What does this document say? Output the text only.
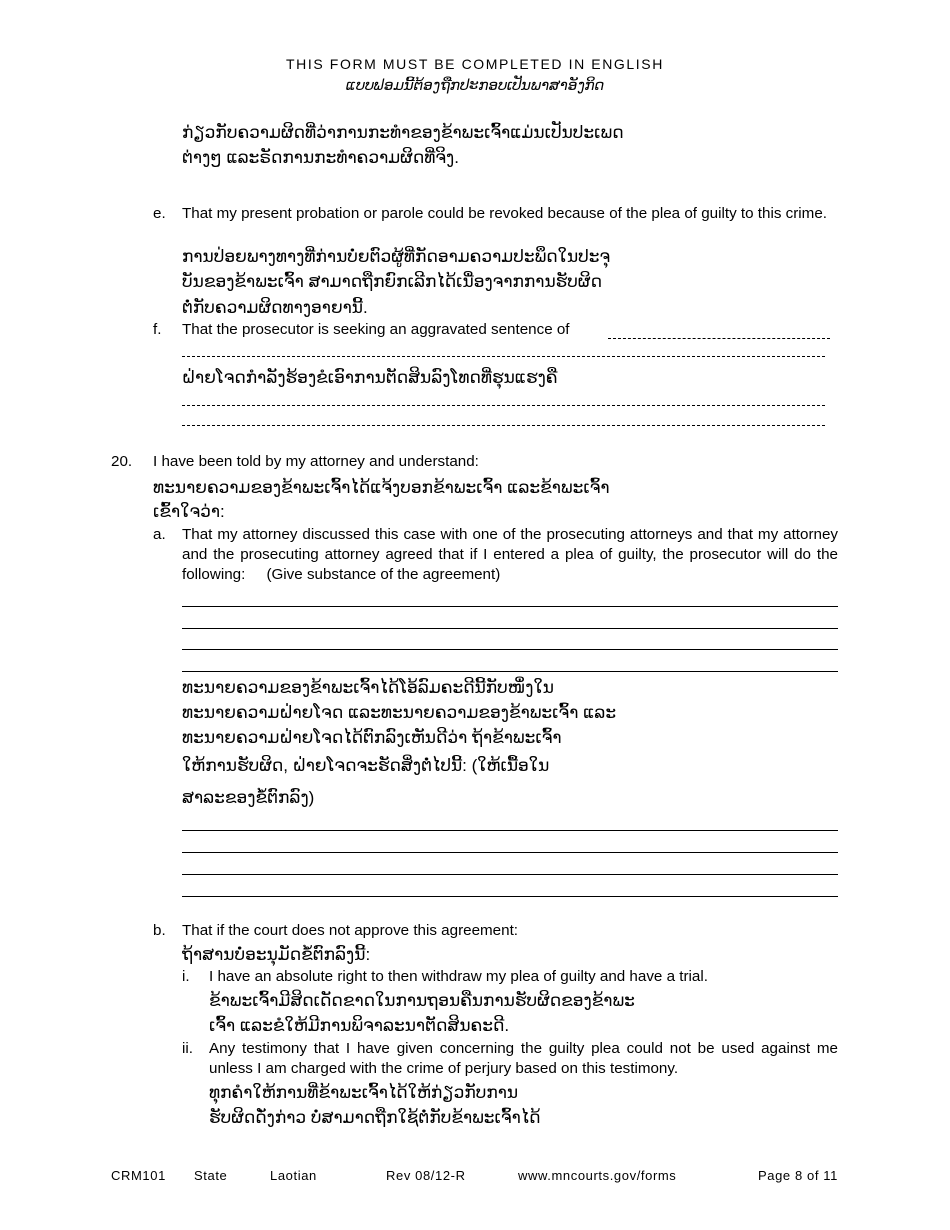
THIS FORM MUST BE COMPLETED IN ENGLISH
ແບບຟອມນີ້ຕ້ອງຖືກປະກອບເປັນພາສາອັງກິດ
ກ່ຽວກັບຄວາມຜິດທີ່ວ່າການກະທຳຂອງຂ້າພະເຈົ້າແມ່ນເປັນປະເພດ
ຕ່າງໆ ແລະຣັດການກະທຳຄວາມຜິດທີ່ຈິງ.
e. That my present probation or parole could be revoked because of the plea of guilty to this crime.
ການປ່ອຍພາງທາງທີ່ກ່ານບໍ່ຍຕົວຜູ້ທີ່ກັດອາມຄວາມປະພຶດໃນປະຈຸ
ບັນຂອງຂ້າພະເຈົ້າ ສາມາດຖືກຍົກເລີກໄດ້ເນື່ອງຈາກການຮັບຜິດ
ຕໍ່ກັບຄວາມຜິດທາງອາຍານີ້.
f. That the prosecutor is seeking an aggravated sentence of
ຝ່າຍໂຈດກໍາລັງຮ້ອງຂໍເອົາການຕັດສິນລົງໂທດທີ່ຮຸນແຮງຄື
20. I have been told by my attorney and understand:
ທະນາຍຄວາມຂອງຂ້າພະເຈົ້າໄດ້ແຈ້ງບອກຂ້າພະເຈົ້າ ແລະຂ້າພະເຈົ້າ
ເຂົ້າໃຈວ່າ:
a. That my attorney discussed this case with one of the prosecuting attorneys and that my attorney and the prosecuting attorney agreed that if I entered a plea of guilty, the prosecutor will do the following: (Give substance of the agreement)
ທະນາຍຄວາມຂອງຂ້າພະເຈົ້າໄດ້ໂອ້ລົມຄະດີນີ້ກັບໜຶ່ງໃນ
ທະນາຍຄວາມຝ່າຍໂຈດ ແລະທະນາຍຄວາມຂອງຂ້າພະເຈົ້າ ແລະ
ທະນາຍຄວາມຝ່າຍໂຈດໄດ້ຕົກລົງເຫັນດີວ່າ ຖ້າຂ້າພະເຈົ້າ
ໃຫ້ການຮັບຜິດ, ຝ່າຍໂຈດຈະຮັດສິ່ງຕໍ່ໄປນີ້: (ໃຫ້ເນື້ອໃນ
ສາລະຂອງຂໍ້ຕົກລົງ)
b. That if the court does not approve this agreement:
ຖ້າສານບໍ່ອະນຸມັດຂໍ້ຕົກລົງນີ້:
i. I have an absolute right to then withdraw my plea of guilty and have a trial.
ຂ້າພະເຈົ້າມີສິດເດັດຂາດໃນການຖອນຄືນການຮັບຜິດຂອງຂ້າພະ
ເຈົ້າ ແລະຂໍໃຫ້ມີການພິຈາລະນາຕັດສິນຄະດີ.
ii. Any testimony that I have given concerning the guilty plea could not be used against me unless I am charged with the crime of perjury based on this testimony.
ທຸກຄໍາໃຫ້ການທີ່ຂ້າພະເຈົ້າໄດ້ໃຫ້ກ່ຽວກັບການ
ຮັບຜິດດັ່ງກ່າວ ບໍ່ສາມາດຖືກໃຊ້ຕໍ່ກັບຂ້າພະເຈົ້າໄດ້
CRM101 State	Laotian	Rev 08/12-R	www.mncourts.gov/forms	Page 8 of 11
